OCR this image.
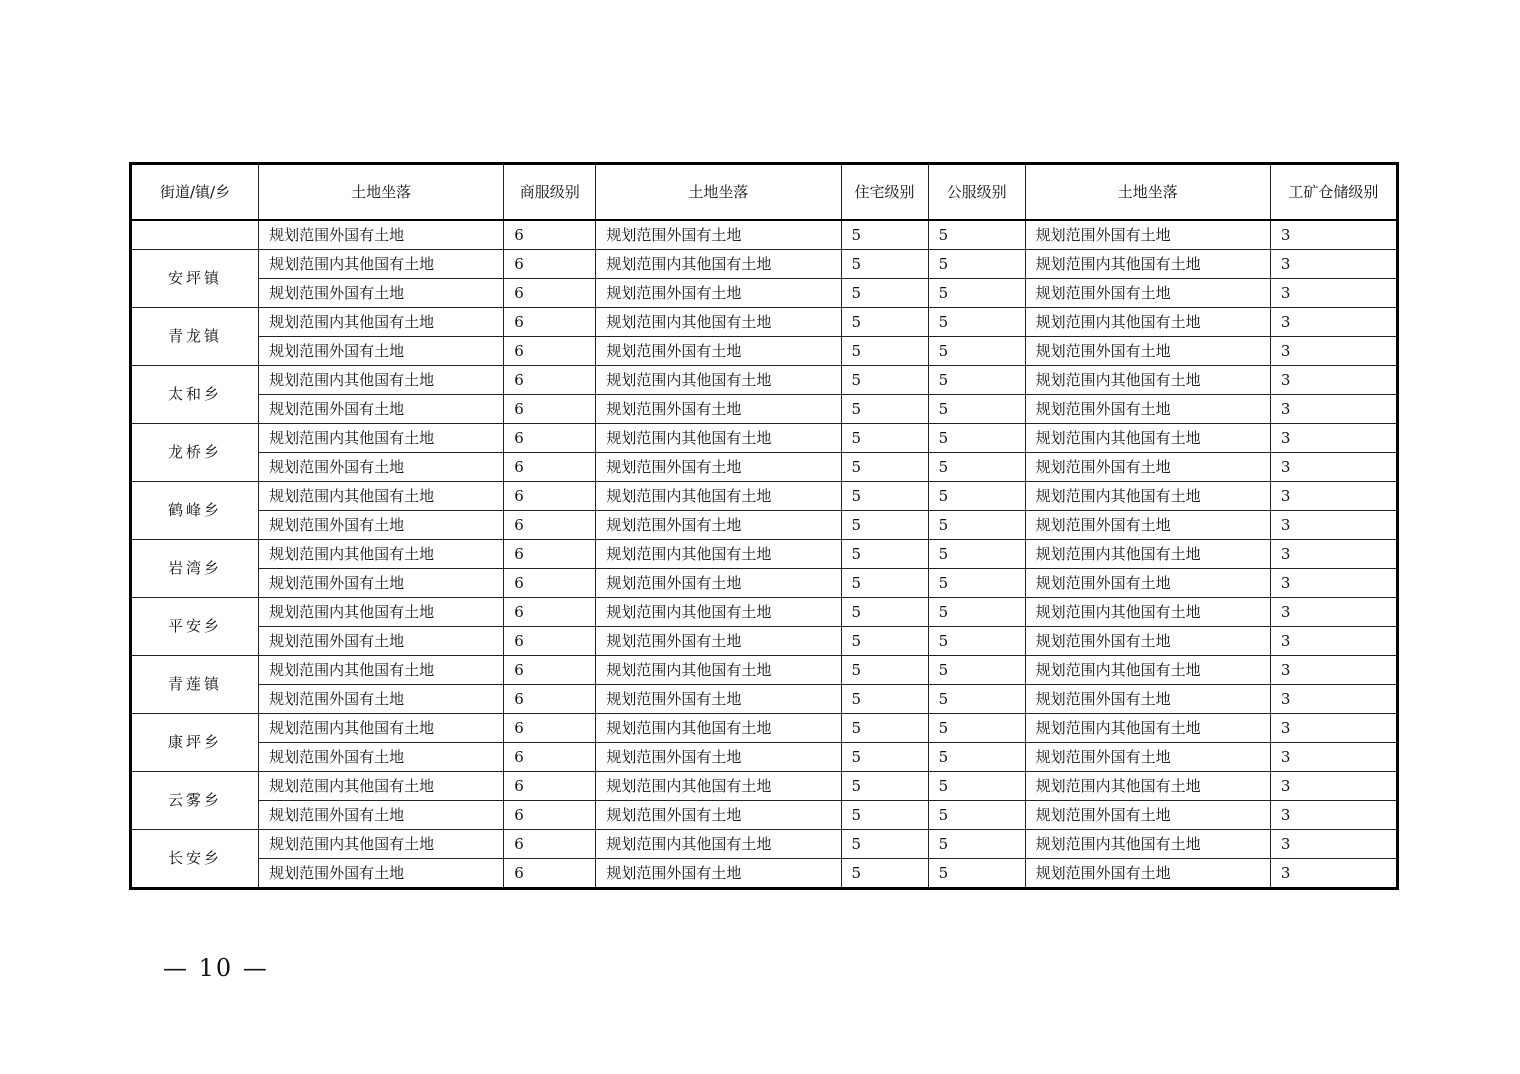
街道/镇/乡	土地坐落	商服级别	土地坐落	住宅级别	公服级别	土地坐落	工矿仓储级别
	规划范围外国有土地	6	规划范围外国有土地	5	5	规划范围外国有土地	3
安坪镇	规划范围内其他国有土地	6	规划范围内其他国有土地	5	5	规划范围内其他国有土地	3
	规划范围外国有土地	6	规划范围外国有土地	5	5	规划范围外国有土地	3
青龙镇	规划范围内其他国有土地	6	规划范围内其他国有土地	5	5	规划范围内其他国有土地	3
	规划范围外国有土地	6	规划范围外国有土地	5	5	规划范围外国有土地	3
太和乡	规划范围内其他国有土地	6	规划范围内其他国有土地	5	5	规划范围内其他国有土地	3
	规划范围外国有土地	6	规划范围外国有土地	5	5	规划范围外国有土地	3
龙桥乡	规划范围内其他国有土地	6	规划范围内其他国有土地	5	5	规划范围内其他国有土地	3
	规划范围外国有土地	6	规划范围外国有土地	5	5	规划范围外国有土地	3
鹤峰乡	规划范围内其他国有土地	6	规划范围内其他国有土地	5	5	规划范围内其他国有土地	3
	规划范围外国有土地	6	规划范围外国有土地	5	5	规划范围外国有土地	3
岩湾乡	规划范围内其他国有土地	6	规划范围内其他国有土地	5	5	规划范围内其他国有土地	3
	规划范围外国有土地	6	规划范围外国有土地	5	5	规划范围外国有土地	3
平安乡	规划范围内其他国有土地	6	规划范围内其他国有土地	5	5	规划范围内其他国有土地	3
	规划范围外国有土地	6	规划范围外国有土地	5	5	规划范围外国有土地	3
青莲镇	规划范围内其他国有土地	6	规划范围内其他国有土地	5	5	规划范围内其他国有土地	3
	规划范围外国有土地	6	规划范围外国有土地	5	5	规划范围外国有土地	3
康坪乡	规划范围内其他国有土地	6	规划范围内其他国有土地	5	5	规划范围内其他国有土地	3
	规划范围外国有土地	6	规划范围外国有土地	5	5	规划范围外国有土地	3
云雾乡	规划范围内其他国有土地	6	规划范围内其他国有土地	5	5	规划范围内其他国有土地	3
	规划范围外国有土地	6	规划范围外国有土地	5	5	规划范围外国有土地	3
长安乡	规划范围内其他国有土地	6	规划范围内其他国有土地	5	5	规划范围内其他国有土地	3
	规划范围外国有土地	6	规划范围外国有土地	5	5	规划范围外国有土地	3
— 10 —
